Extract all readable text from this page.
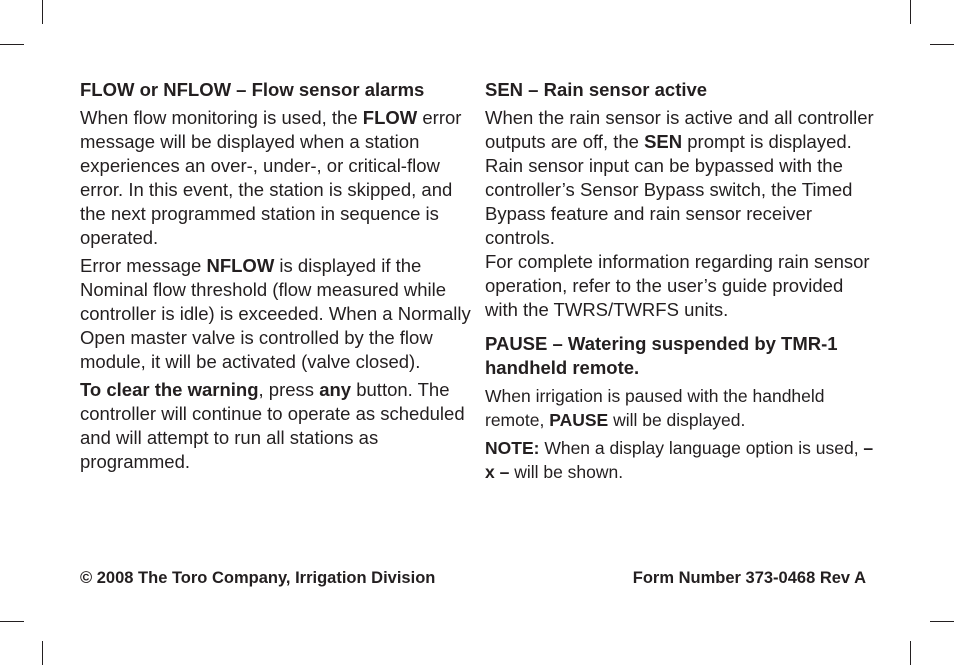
FLOW or NFLOW – Flow sensor alarms

When flow monitoring is used, the FLOW error message will be displayed when a station experiences an over-, under-, or critical-flow error. In this event, the station is skipped, and the next programmed station in sequence is operated.

Error message NFLOW is displayed if the Nominal flow threshold (flow measured while controller is idle) is exceeded. When a Normally Open master valve is controlled by the flow module, it will be activated (valve closed).

To clear the warning, press any button. The controller will continue to operate as scheduled and will attempt to run all stations as programmed.

SEN – Rain sensor active

When the rain sensor is active and all controller outputs are off, the SEN prompt is displayed. Rain sensor input can be bypassed with the controller’s Sensor Bypass switch, the Timed Bypass feature and rain sensor receiver controls.

For complete information regarding rain sensor operation, refer to the user’s guide provided with the TWRS/TWRFS units.

PAUSE – Watering suspended by TMR-1 handheld remote.

When irrigation is paused with the handheld remote, PAUSE will be displayed.

NOTE: When a display language option is used, – x – will be shown.

© 2008 The Toro Company, Irrigation Division	Form Number 373-0468 Rev A
